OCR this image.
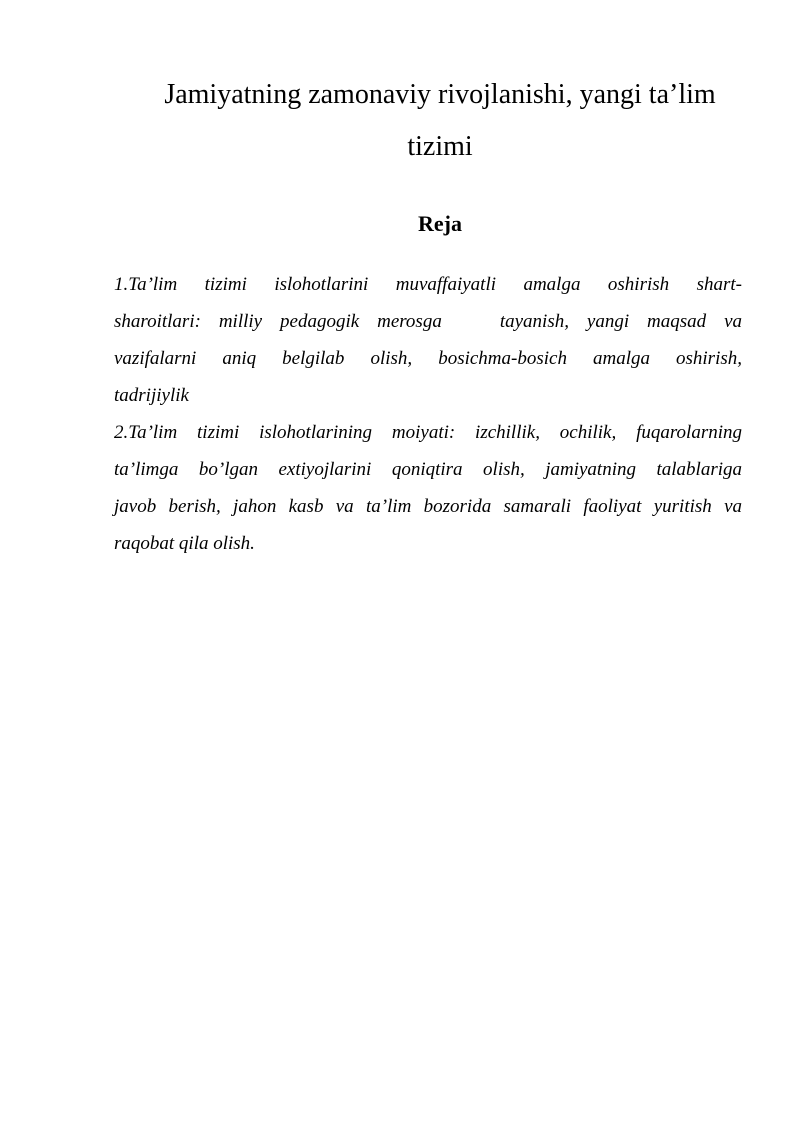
Jamiyatning zamonaviy rivojlanishi, yangi ta’lim
tizimi
Reja
1.Ta’lim tizimi islohotlarini muvaffaiyatli amalga oshirish shart-
sharoitlari: milliy pedagogik merosga	tayanish, yangi maqsad va
vazifalarni aniq belgilab olish, bosichma-bosich amalga oshirish,
tadrijiylik
2.Ta’lim tizimi islohotlarining moiyati: izchillik, ochilik, fuqarolarning
ta’limga bo’lgan extiyojlarini qoniqtira olish, jamiyatning talablariga
javob berish, jahon kasb va ta’lim bozorida samarali faoliyat yuritish va
raqobat qila olish.
